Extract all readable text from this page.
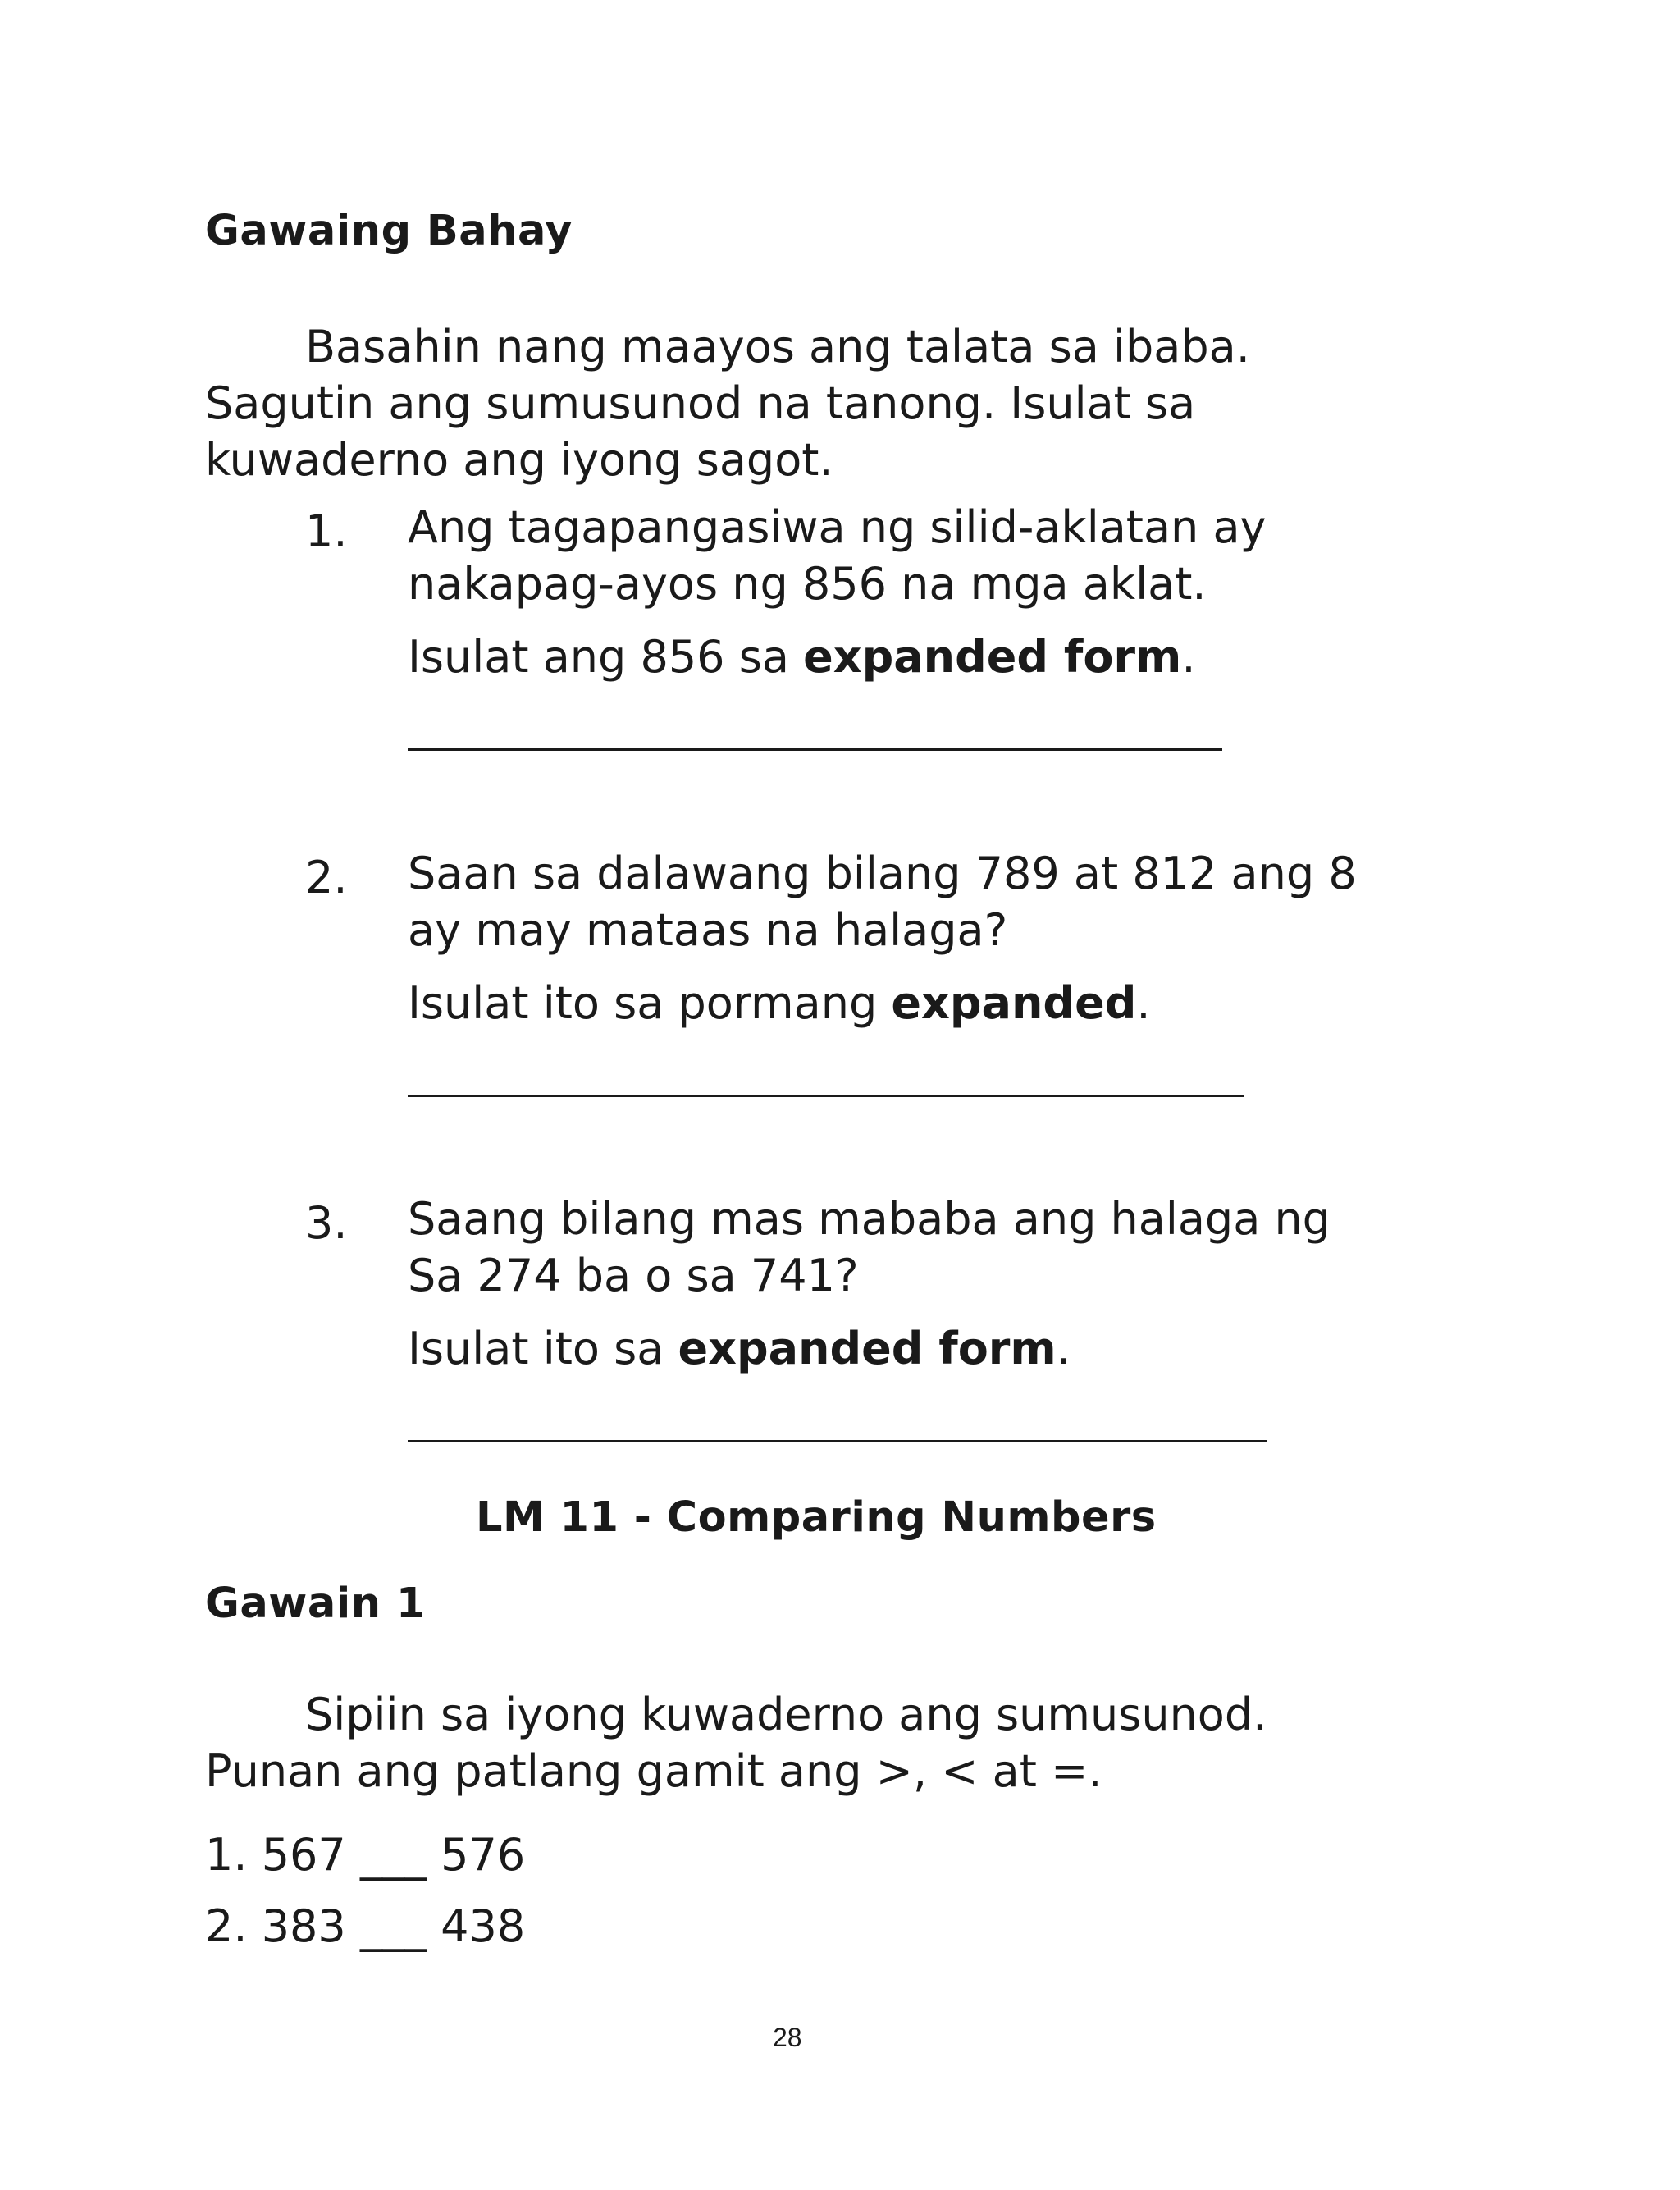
Gawaing Bahay
Basahin nang maayos ang talata sa ibaba.
Sagutin ang sumusunod na tanong. Isulat sa
kuwaderno ang iyong sagot.
1. Ang tagapangasiwa ng silid-aklatan ay
nakapag-ayos ng 856 na mga aklat.
Isulat ang 856 sa expanded form.
2. Saan sa dalawang bilang 789 at 812 ang 8
ay may mataas na halaga?
Isulat ito sa pormang expanded.
3. Saang bilang mas mababa ang halaga ng
Sa 274 ba o sa 741?
Isulat ito sa expanded form.
LM 11 - Comparing Numbers
Gawain 1
Sipiin sa iyong kuwaderno ang sumusunod.
Punan ang patlang gamit ang >, < at =.
1. 567 ___ 576
2. 383 ___ 438
28
